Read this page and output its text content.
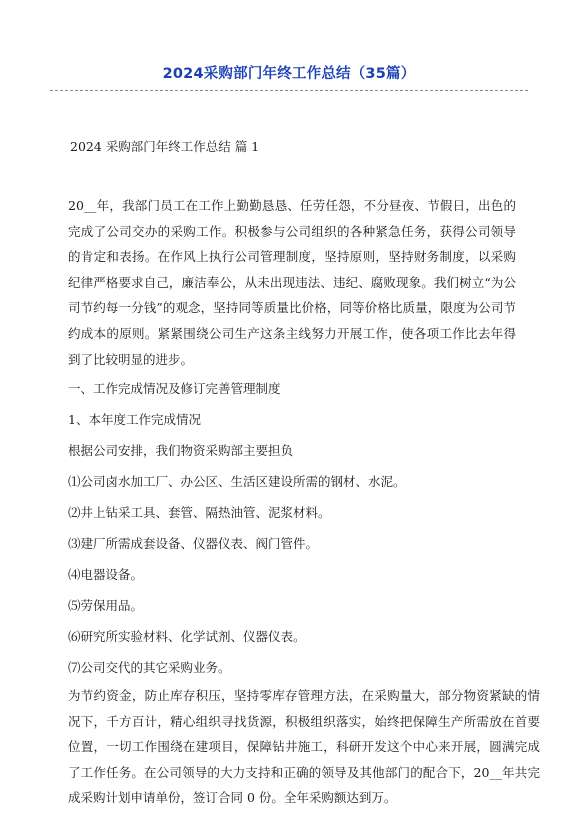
2024采购部门年终工作总结（35篇）
2024 采购部门年终工作总结 篇 1

20__年，我部门员工在工作上勤勤恳恳、任劳任怨，不分昼夜、节假日，出色的完成了公司交办的采购工作。积极参与公司组织的各种紧急任务，获得公司领导的肯定和表扬。在作风上执行公司管理制度，坚持原则，坚持财务制度，以采购纪律严格要求自己，廉洁奉公，从未出现违法、违纪、腐败现象。我们树立“为公司节约每一分钱”的观念，坚持同等质量比价格，同等价格比质量，限度为公司节约成本的原则。紧紧围绕公司生产这条主线努力开展工作，使各项工作比去年得到了比较明显的进步。

一、工作完成情况及修订完善管理制度
1、本年度工作完成情况
根据公司安排，我们物资采购部主要担负
⑴公司卤水加工厂、办公区、生活区建设所需的钢材、水泥。
⑵井上钻采工具、套管、隔热油管、泥浆材料。
⑶建厂所需成套设备、仪器仪表、阀门管件。
⑷电器设备。
⑸劳保用品。
⑹研究所实验材料、化学试剂、仪器仪表。
⑺公司交代的其它采购业务。

为节约资金，防止库存积压，坚持零库存管理方法，在采购量大，部分物资紧缺的情况下，千方百计，精心组织寻找货源，积极组织落实，始终把保障生产所需放在首要位置，一切工作围绕在建项目，保障钻井施工，科研开发这个中心来开展，圆满完成了工作任务。在公司领导的大力支持和正确的领导及其他部门的配合下，20__年共完成采购计划申请单份，签订合同 0 份。全年采购额达到万。
